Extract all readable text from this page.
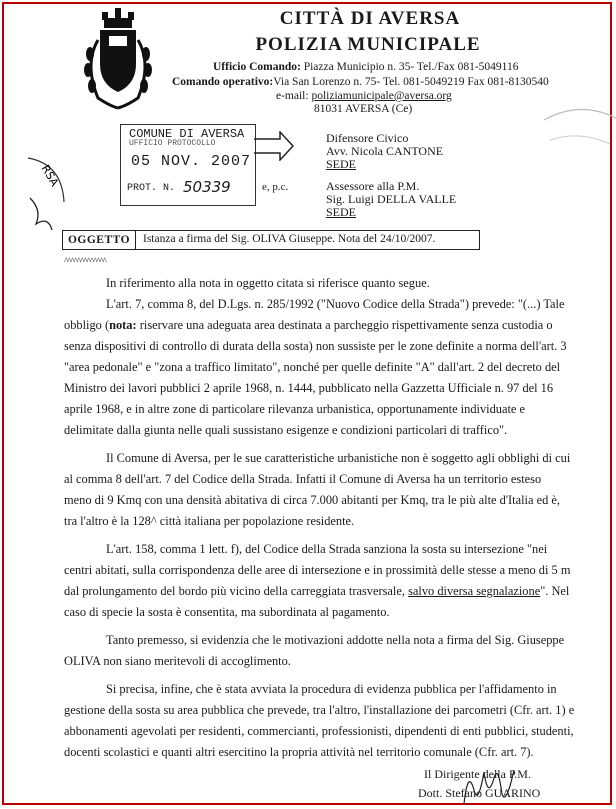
CITTÀ DI AVERSA
POLIZIA MUNICIPALE
Ufficio Comando: Piazza Municipio n. 35- Tel./Fax 081-5049116
Comando operativo:Via San Lorenzo n. 75- Tel. 081-5049219 Fax 081-8130540
e-mail: poliziamunicipale@aversa.org
81031 AVERSA (Ce)
COMUNE DI AVERSA
UFFICIO PROTOCOLLO
05 NOV. 2007
PROT. N. 50339	e, p.c.
Difensore Civico
Avv. Nicola CANTONE
SEDE
Assessore alla P.M.
Sig. Luigi DELLA VALLE
SEDE
RSA
OGGETTO	Istanza a firma del Sig. OLIVA Giuseppe. Nota del 24/10/2007.
^^^^^^^^^^^^^
In riferimento alla nota in oggetto citata si riferisce quanto segue.
L'art. 7, comma 8, del D.Lgs. n. 285/1992 ("Nuovo Codice della Strada") prevede: "(...) Tale
obbligo (nota: riservare una adeguata area destinata a parcheggio rispettivamente senza custodia o
senza dispositivi di controllo di durata della sosta) non sussiste per le zone definite a norma dell'art. 3
"area pedonale" e "zona a traffico limitato", nonché per quelle definite "A" dall'art. 2 del decreto del
Ministro dei lavori pubblici 2 aprile 1968, n. 1444, pubblicato nella Gazzetta Ufficiale n. 97 del 16
aprile 1968, e in altre zone di particolare rilevanza urbanistica, opportunamente individuate e
delimitate dalla giunta nelle quali sussistano esigenze e condizioni particolari di traffico".
Il Comune di Aversa, per le sue caratteristiche urbanistiche non è soggetto agli obblighi di cui
al comma 8 dell'art. 7 del Codice della Strada. Infatti il Comune di Aversa ha un territorio esteso
meno di 9 Kmq con una densità abitativa di circa 7.000 abitanti per Kmq, tra le più alte d'Italia ed è,
tra l'altro è la 128^ città italiana per popolazione residente.
L'art. 158, comma 1 lett. f), del Codice della Strada sanziona la sosta su intersezione "nei
centri abitati, sulla corrispondenza delle aree di intersezione e in prossimità delle stesse a meno di 5 m
dal prolungamento del bordo più vicino della carreggiata trasversale, salvo diversa segnalazione". Nel
caso di specie la sosta è consentita, ma subordinata al pagamento.
Tanto premesso, si evidenzia che le motivazioni addotte nella nota a firma del Sig. Giuseppe
OLIVA non siano meritevoli di accoglimento.
Si precisa, infine, che è stata avviata la procedura di evidenza pubblica per l'affidamento in
gestione della sosta su area pubblica che prevede, tra l'altro, l'installazione dei parcometri (Cfr. art. 1) e
abbonamenti agevolati per residenti, commercianti, professionisti, dipendenti di enti pubblici, studenti,
docenti scolastici e quanti altri esercitino la propria attività nel territorio comunale (Cfr. art. 7).
Il Dirigente della P.M.
Dott. Stefano GUARINO
